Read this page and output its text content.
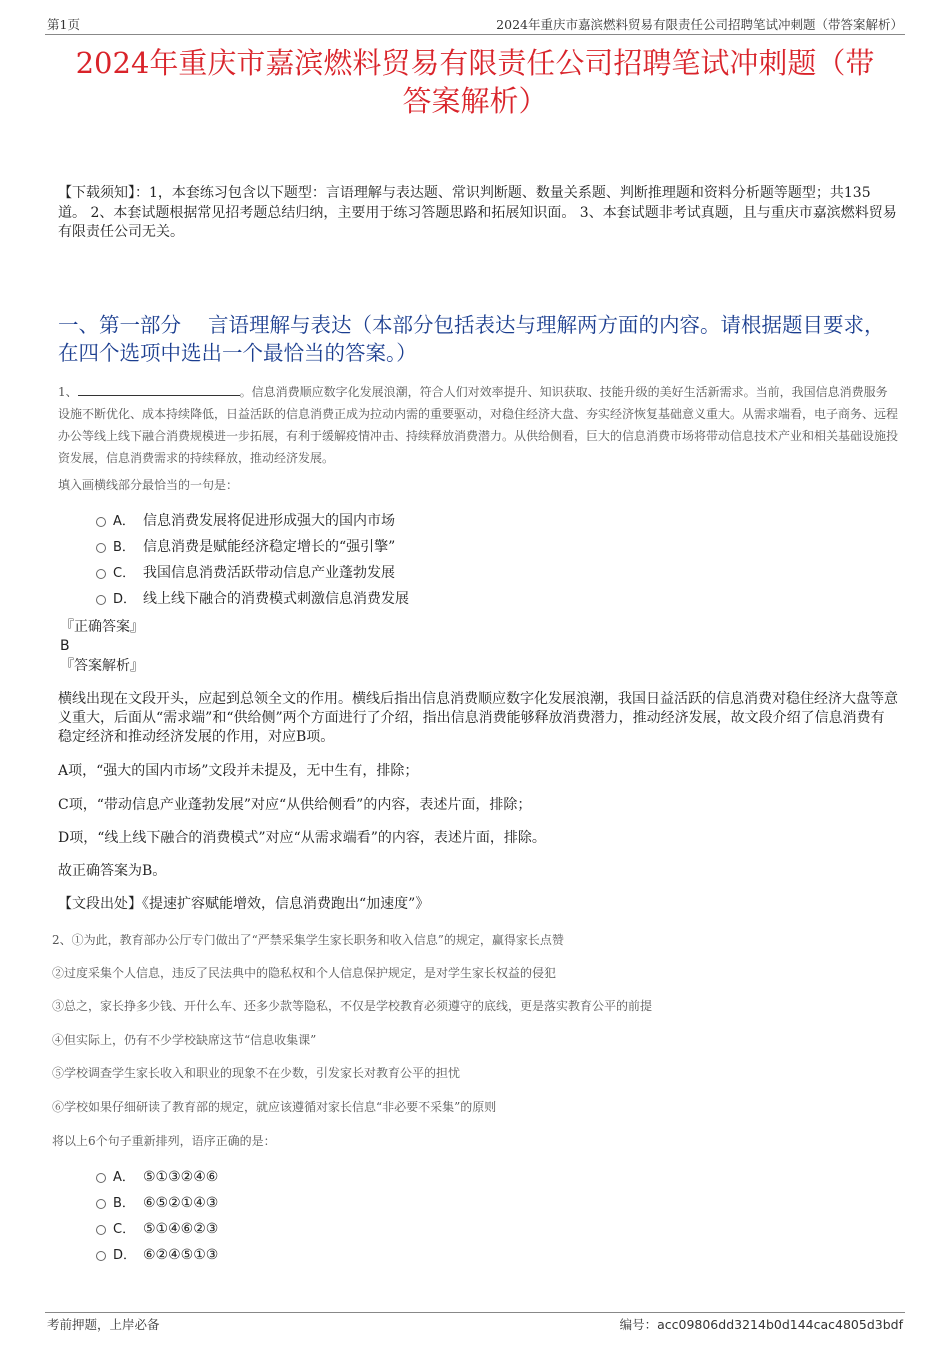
第1页	2024年重庆市嘉滨燃料贸易有限责任公司招聘笔试冲刺题（带答案解析）
2024年重庆市嘉滨燃料贸易有限责任公司招聘笔试冲刺题（带
答案解析）
【下载须知】：1，本套练习包含以下题型：言语理解与表达题、常识判断题、数量关系题、判断推理题和资料分析题等题型；共135道。 2、本套试题根据常见招考题总结归纳，主要用于练习答题思路和拓展知识面。 3、本套试题非考试真题，且与重庆市嘉滨燃料贸易有限责任公司无关。
一、第一部分　 言语理解与表达（本部分包括表达与理解两方面的内容。请根据题目要求，在四个选项中选出一个最恰当的答案。）
1、	。信息消费顺应数字化发展浪潮，符合人们对效率提升、知识获取、技能升级的美好生活新需求。当前，我国信息消费服务设施不断优化、成本持续降低，日益活跃的信息消费正成为拉动内需的重要驱动，对稳住经济大盘、夯实经济恢复基础意义重大。从需求端看，电子商务、远程办公等线上线下融合消费规模进一步拓展，有利于缓解疫情冲击、持续释放消费潜力。从供给侧看，巨大的信息消费市场将带动信息技术产业和相关基础设施投资发展，信息消费需求的持续释放，推动经济发展。
填入画横线部分最恰当的一句是：
A． 信息消费发展将促进形成强大的国内市场
B． 信息消费是赋能经济稳定增长的“强引擎”
C． 我国信息消费活跃带动信息产业蓬勃发展
D． 线上线下融合的消费模式刺激信息消费发展
『正确答案』
B
『答案解析』
横线出现在文段开头，应起到总领全文的作用。横线后指出信息消费顺应数字化发展浪潮，我国日益活跃的信息消费对稳住经济大盘等意义重大，后面从“需求端”和“供给侧”两个方面进行了介绍，指出信息消费能够释放消费潜力，推动经济发展，故文段介绍了信息消费有稳定经济和推动经济发展的作用，对应B项。
A项，“强大的国内市场”文段并未提及，无中生有，排除；
C项，“带动信息产业蓬勃发展”对应“从供给侧看”的内容，表述片面，排除；
D项，“线上线下融合的消费模式”对应“从需求端看”的内容，表述片面，排除。
故正确答案为B。
【文段出处】《提速扩容赋能增效，信息消费跑出“加速度”》
2、①为此，教育部办公厅专门做出了“严禁采集学生家长职务和收入信息”的规定，赢得家长点赞
②过度采集个人信息，违反了民法典中的隐私权和个人信息保护规定，是对学生家长权益的侵犯
③总之，家长挣多少钱、开什么车、还多少款等隐私，不仅是学校教育必须遵守的底线，更是落实教育公平的前提
④但实际上，仍有不少学校缺席这节“信息收集课”
⑤学校调查学生家长收入和职业的现象不在少数，引发家长对教育公平的担忧
⑥学校如果仔细研读了教育部的规定，就应该遵循对家长信息“非必要不采集”的原则
将以上6个句子重新排列，语序正确的是：
A． ⑤①③②④⑥
B． ⑥⑤②①④③
C． ⑤①④⑥②③
D． ⑥②④⑤①③
考前押题，上岸必备	编号：acc09806dd3214b0d144cac4805d3bdf
